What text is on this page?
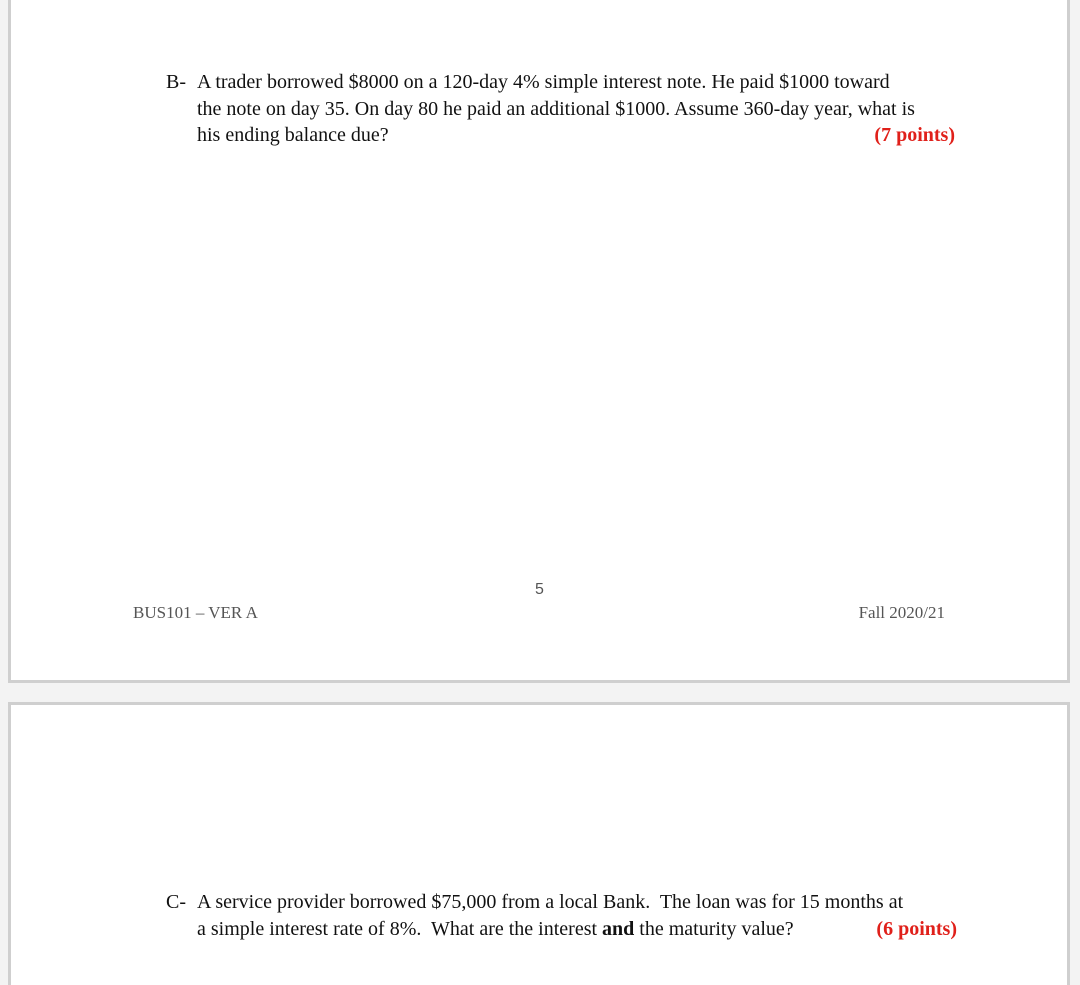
B- A trader borrowed $8000 on a 120-day 4% simple interest note. He paid $1000 toward
the note on day 35. On day 80 he paid an additional $1000. Assume 360-day year, what is
his ending balance due?	(7 points)
5
BUS101 – VER A	Fall 2020/21
C- A service provider borrowed $75,000 from a local Bank.  The loan was for 15 months at
a simple interest rate of 8%.  What are the interest and the maturity value?	(6 points)
